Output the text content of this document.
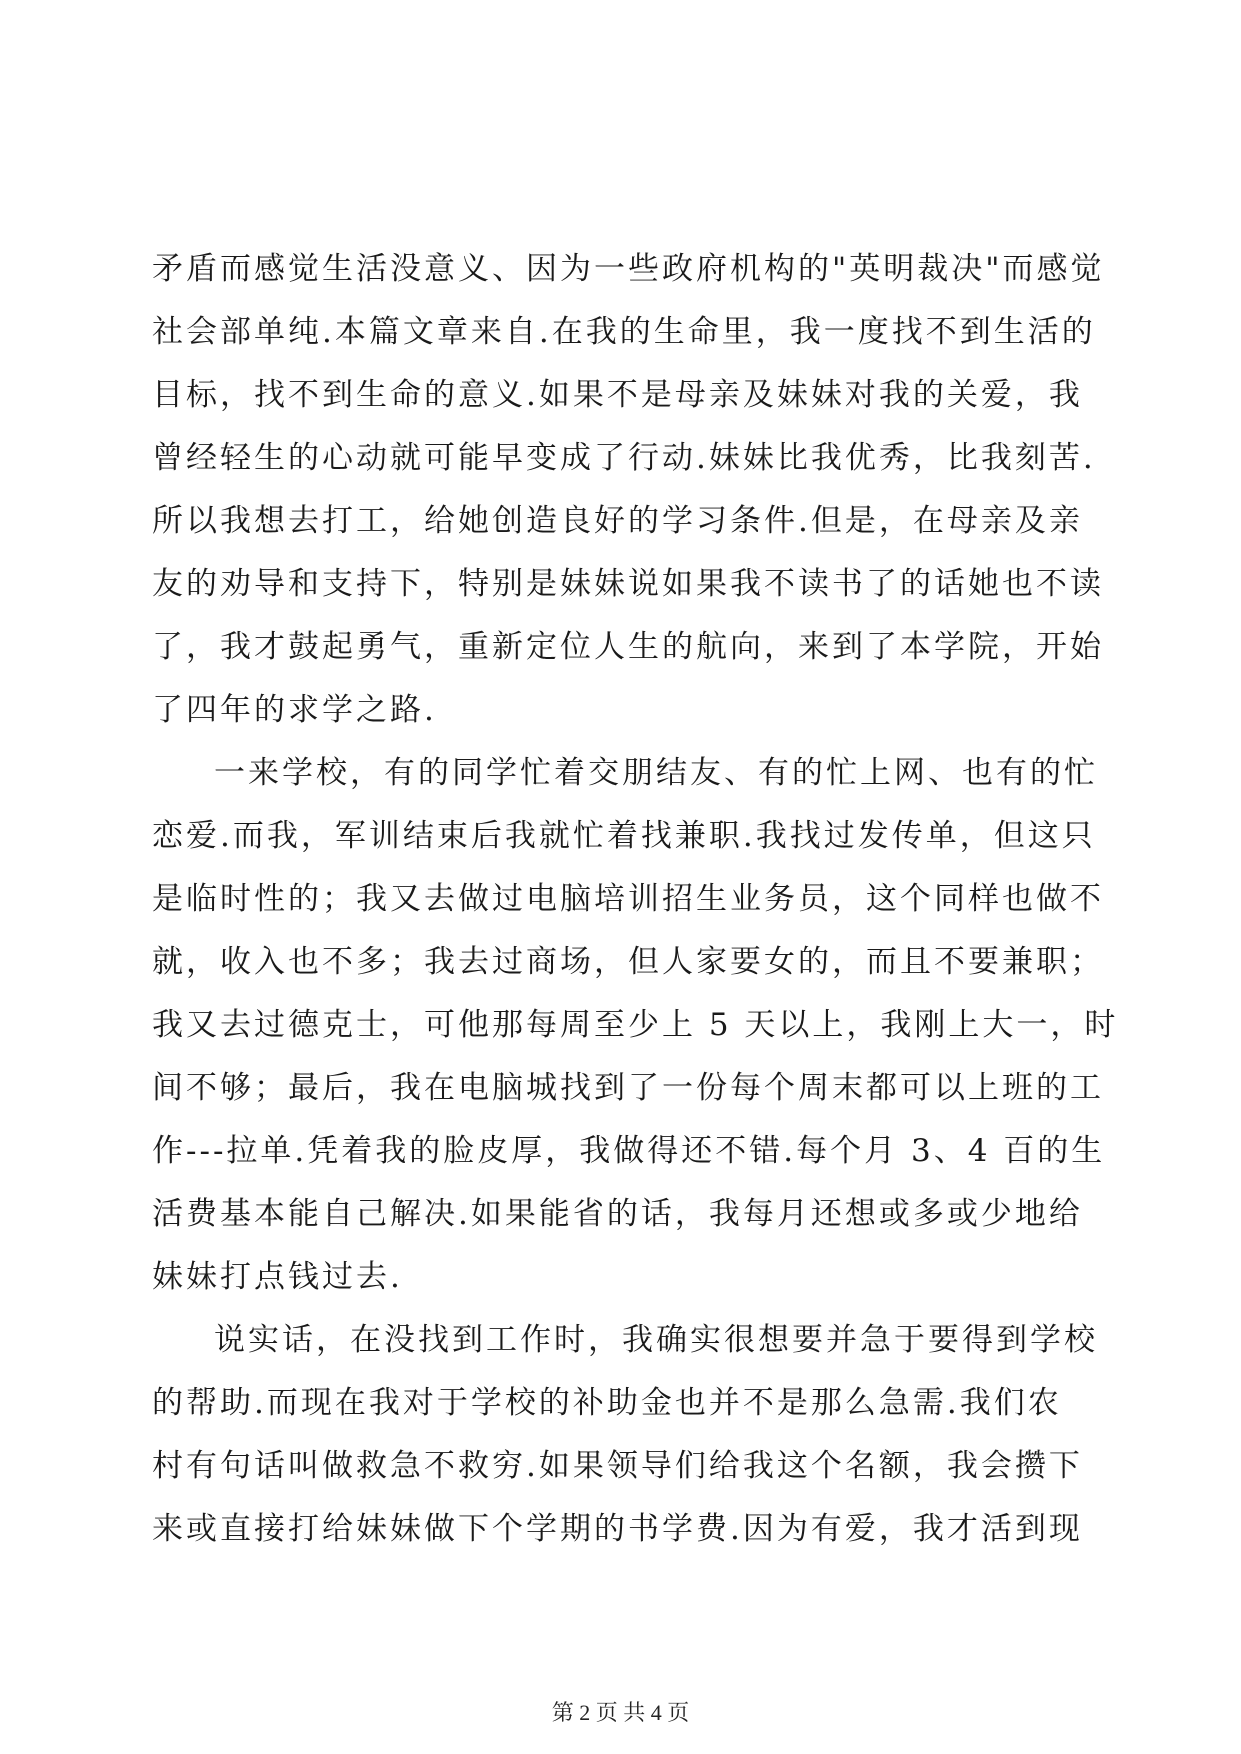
矛盾而感觉生活没意义、因为一些政府机构的"英明裁决"而感觉
社会部单纯.本篇文章来自.在我的生命里，我一度找不到生活的
目标，找不到生命的意义.如果不是母亲及妹妹对我的关爱，我
曾经轻生的心动就可能早变成了行动.妹妹比我优秀，比我刻苦.
所以我想去打工，给她创造良好的学习条件.但是，在母亲及亲
友的劝导和支持下，特别是妹妹说如果我不读书了的话她也不读
了，我才鼓起勇气，重新定位人生的航向，来到了本学院，开始
了四年的求学之路.
一来学校，有的同学忙着交朋结友、有的忙上网、也有的忙
恋爱.而我，军训结束后我就忙着找兼职.我找过发传单，但这只
是临时性的；我又去做过电脑培训招生业务员，这个同样也做不
就，收入也不多；我去过商场，但人家要女的，而且不要兼职；
我又去过德克士，可他那每周至少上 5 天以上，我刚上大一，时
间不够；最后，我在电脑城找到了一份每个周末都可以上班的工
作---拉单.凭着我的脸皮厚，我做得还不错.每个月 3、4 百的生
活费基本能自己解决.如果能省的话，我每月还想或多或少地给
妹妹打点钱过去.
说实话，在没找到工作时，我确实很想要并急于要得到学校
的帮助.而现在我对于学校的补助金也并不是那么急需.我们农
村有句话叫做救急不救穷.如果领导们给我这个名额，我会攒下
来或直接打给妹妹做下个学期的书学费.因为有爱，我才活到现
第 2 页 共 4 页
